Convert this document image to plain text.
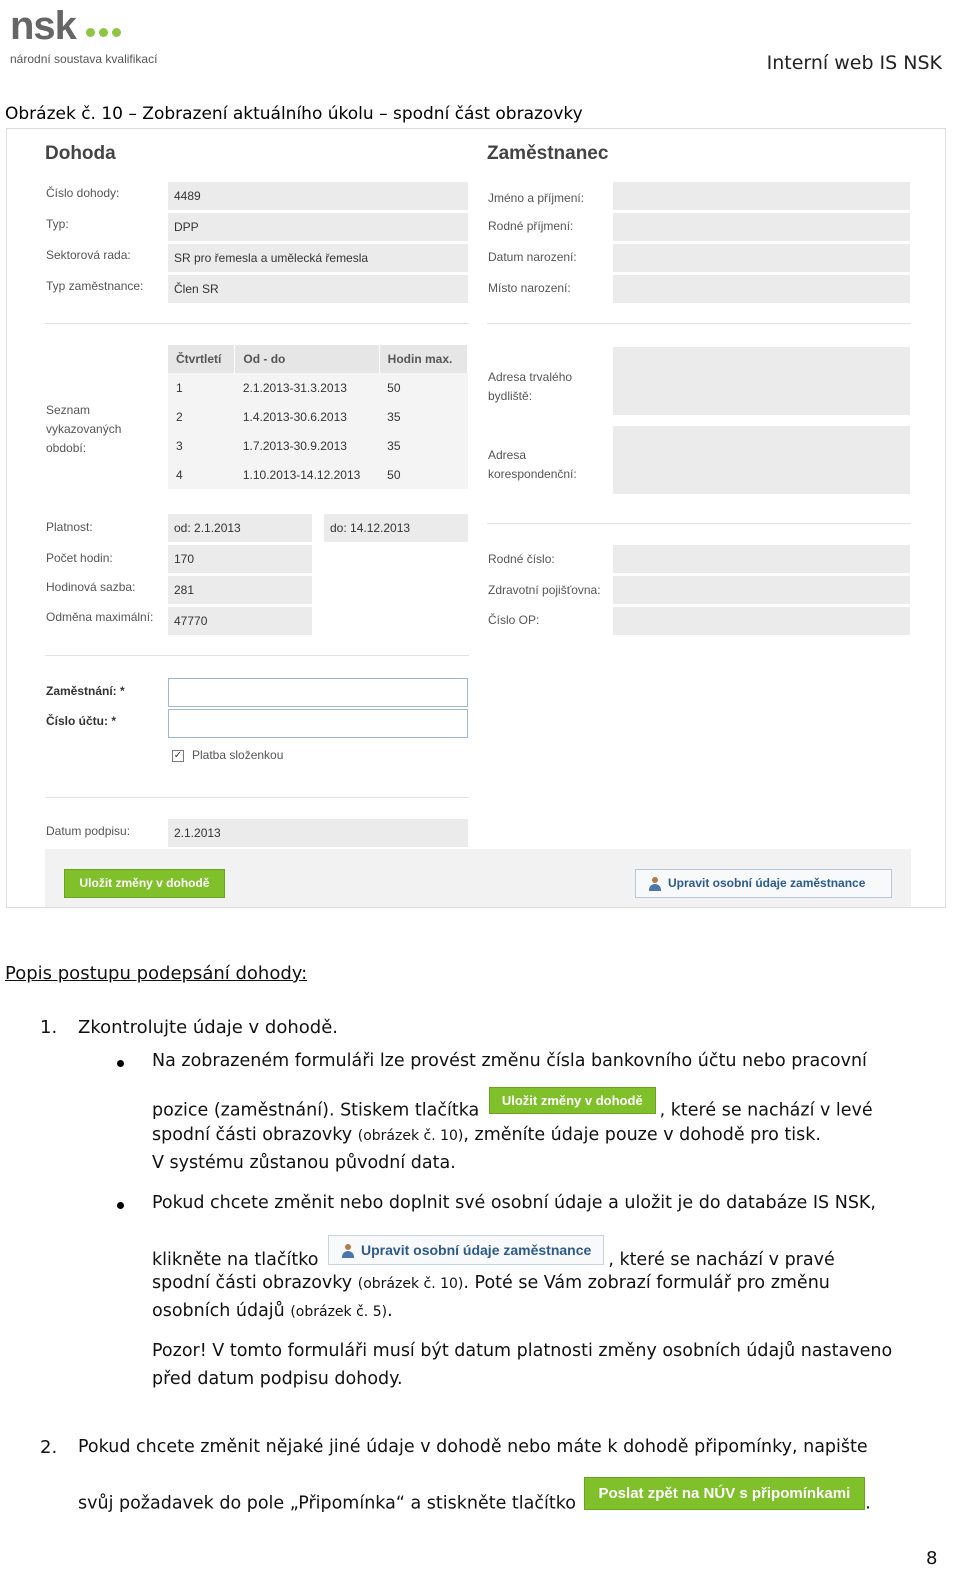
nsk
národní soustava kvalifikací	Interní web IS NSK
Obrázek č. 10 – Zobrazení aktuálního úkolu – spodní část obrazovky
Dohoda
Číslo dohody:	4489
Typ:	DPP
Sektorová rada:	SR pro řemesla a umělecká řemesla
Typ zaměstnance:	Člen SR
Seznam
vykazovaných
období:
Čtvrtletí	Od - do	Hodin max.
1	2.1.2013-31.3.2013	50
2	1.4.2013-30.6.2013	35
3	1.7.2013-30.9.2013	35
4	1.10.2013-14.12.2013	50
Platnost:	od: 2.1.2013	do: 14.12.2013
Počet hodin:	170
Hodinová sazba:	281
Odměna maximální:	47770
Zaměstnání: *
Číslo účtu: *
✓ Platba složenkou
Datum podpisu:	2.1.2013
Uložit změny v dohodě	Upravit osobní údaje zaměstnance
Zaměstnanec
Jméno a příjmení:
Rodné příjmení:
Datum narození:
Místo narození:
Adresa trvalého
bydliště:
Adresa
korespondenční:
Rodné číslo:
Zdravotní pojišťovna:
Číslo OP:
Popis postupu podepsání dohody:
1. Zkontrolujte údaje v dohodě.
Na zobrazeném formuláři lze provést změnu čísla bankovního účtu nebo pracovní
pozice (zaměstnání). Stiskem tlačítka Uložit změny v dohodě , které se nachází v levé
spodní části obrazovky (obrázek č. 10), změníte údaje pouze v dohodě pro tisk.
V systému zůstanou původní data.
Pokud chcete změnit nebo doplnit své osobní údaje a uložit je do databáze IS NSK,
klikněte na tlačítko	Upravit osobní údaje zaměstnance , které se nachází v pravé
spodní části obrazovky (obrázek č. 10). Poté se Vám zobrazí formulář pro změnu
osobních údajů (obrázek č. 5).
Pozor! V tomto formuláři musí být datum platnosti změny osobních údajů nastaveno
před datum podpisu dohody.
2. Pokud chcete změnit nějaké jiné údaje v dohodě nebo máte k dohodě připomínky, napište
svůj požadavek do pole „Připomínka“ a stiskněte tlačítko Poslat zpět na NÚV s připomínkami .
8
